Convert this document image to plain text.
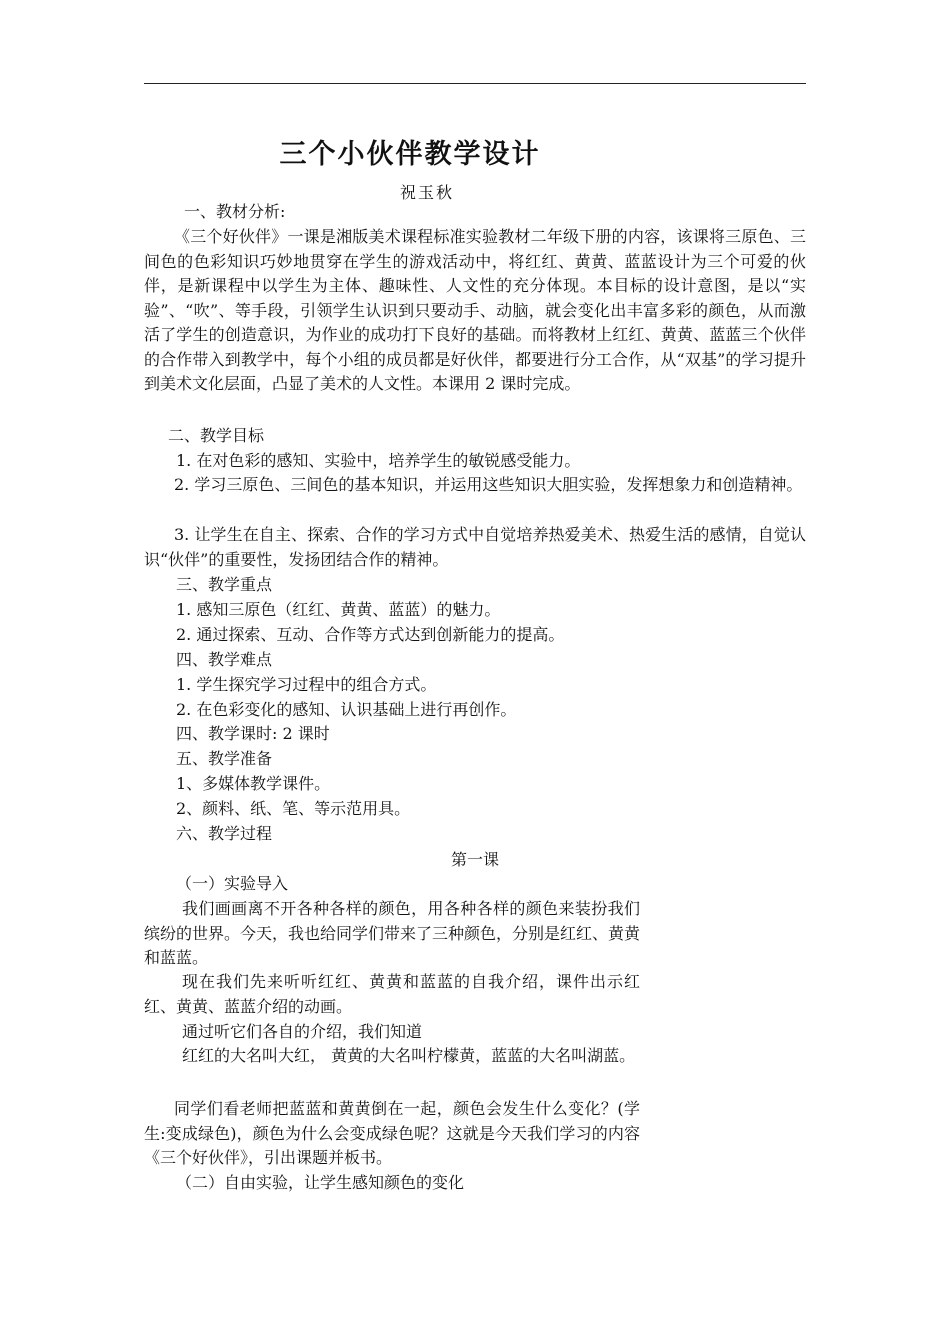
三个小伙伴教学设计
祝玉秋
一、教材分析:
《三个好伙伴》一课是湘版美术课程标准实验教材二年级下册的内容，该课将三原色、三间色的色彩知识巧妙地贯穿在学生的游戏活动中，将红红、黄黄、蓝蓝设计为三个可爱的伙伴，是新课程中以学生为主体、趣味性、人文性的充分体现。本目标的设计意图，是以“实验”、“吹”、等手段，引领学生认识到只要动手、动脑，就会变化出丰富多彩的颜色，从而激活了学生的创造意识，为作业的成功打下良好的基础。而将教材上红红、黄黄、蓝蓝三个伙伴的合作带入到教学中，每个小组的成员都是好伙伴，都要进行分工合作，从“双基”的学习提升到美术文化层面，凸显了美术的人文性。本课用 2 课时完成。
二、教学目标
1. 在对色彩的感知、实验中，培养学生的敏锐感受能力。
2. 学习三原色、三间色的基本知识，并运用这些知识大胆实验，发挥想象力和创造精神。
3. 让学生在自主、探索、合作的学习方式中自觉培养热爱美术、热爱生活的感情，自觉认识“伙伴”的重要性，发扬团结合作的精神。
三、教学重点
1. 感知三原色（红红、黄黄、蓝蓝）的魅力。
2. 通过探索、互动、合作等方式达到创新能力的提高。
四、教学难点
1. 学生探究学习过程中的组合方式。
2. 在色彩变化的感知、认识基础上进行再创作。
四、教学课时: 2 课时
五、教学准备
1、多媒体教学课件。
2、颜料、纸、笔、等示范用具。
六、教学过程
第一课
（一）实验导入
我们画画离不开各种各样的颜色，用各种各样的颜色来装扮我们缤纷的世界。今天，我也给同学们带来了三种颜色，分别是红红、黄黄和蓝蓝。
现在我们先来听听红红、黄黄和蓝蓝的自我介绍，课件出示红红、黄黄、蓝蓝介绍的动画。
通过听它们各自的介绍，我们知道
红红的大名叫大红， 黄黄的大名叫柠檬黄，蓝蓝的大名叫湖蓝。
同学们看老师把蓝蓝和黄黄倒在一起，颜色会发生什么变化？(学生:变成绿色)，颜色为什么会变成绿色呢？这就是今天我们学习的内容《三个好伙伴》，引出课题并板书。
（二）自由实验，让学生感知颜色的变化
